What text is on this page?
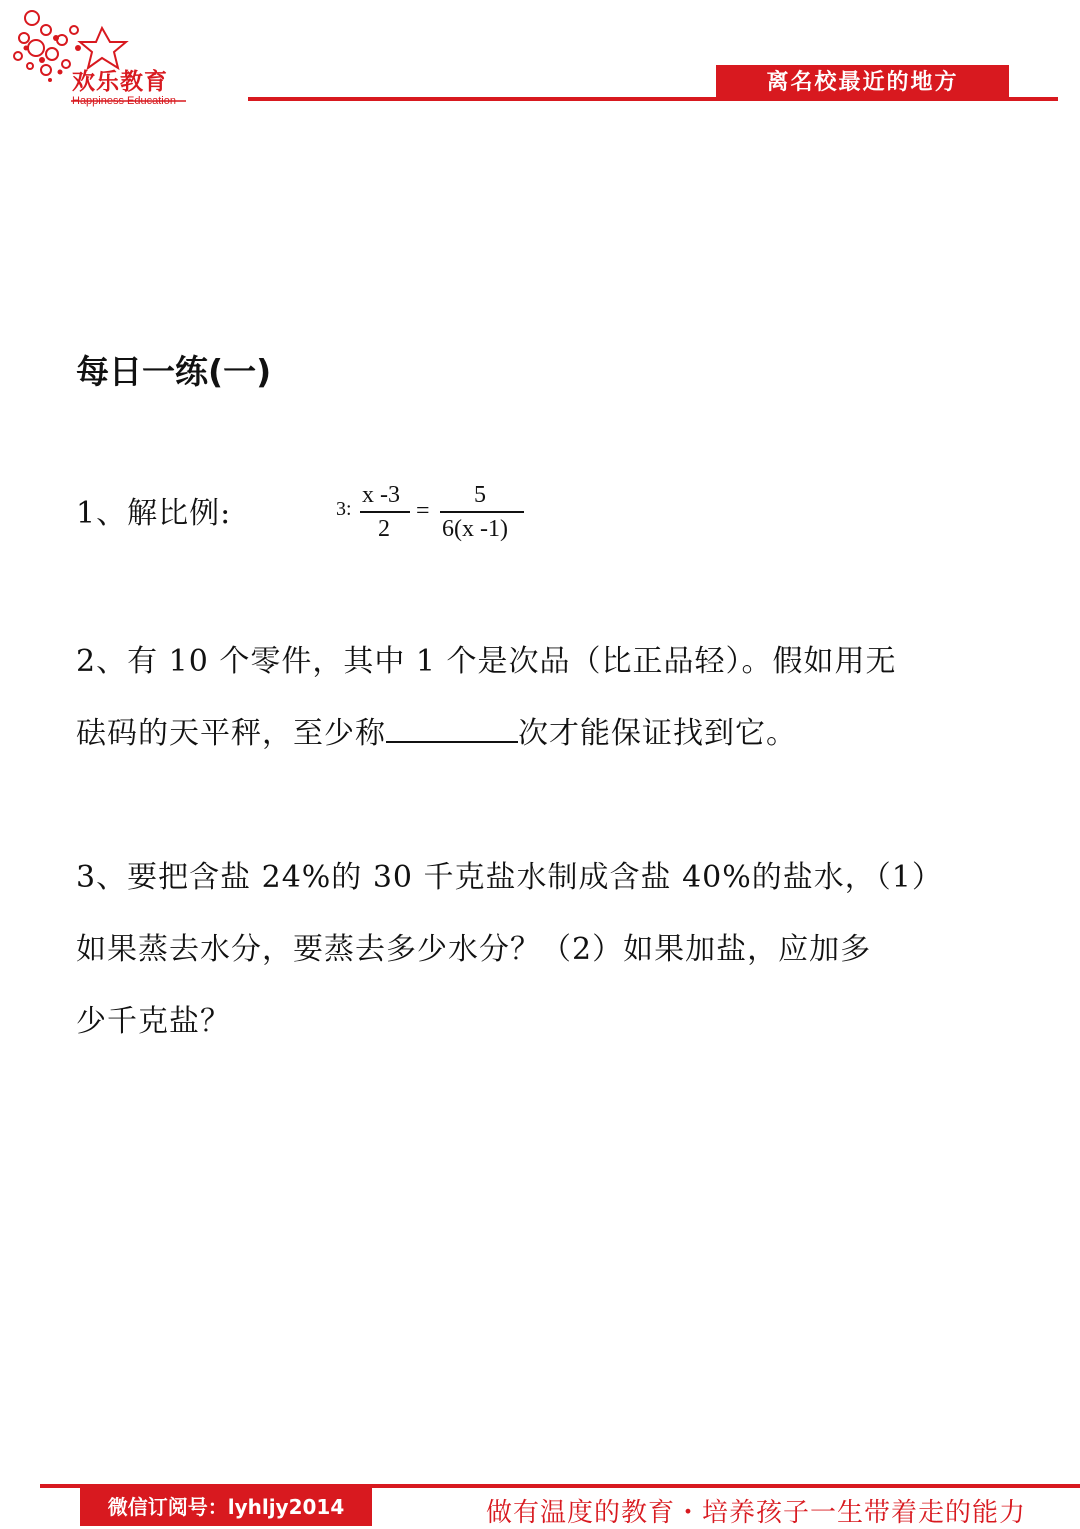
欢乐教育
Happiness Education
离名校最近的地方
每日一练(一)
1、解比例:	3:
x -3
2
=
5
6(x -1)
2、有 10 个零件，其中 1 个是次品（比正品轻）。假如用无
砝码的天平秤，至少称	次才能保证找到它。
3、要把含盐 24%的 30 千克盐水制成含盐 40%的盐水，（1）
如果蒸去水分，要蒸去多少水分？（2）如果加盐，应加多
少千克盐？
微信订阅号：lyhljy2014	做有温度的教育・培养孩子一生带着走的能力
